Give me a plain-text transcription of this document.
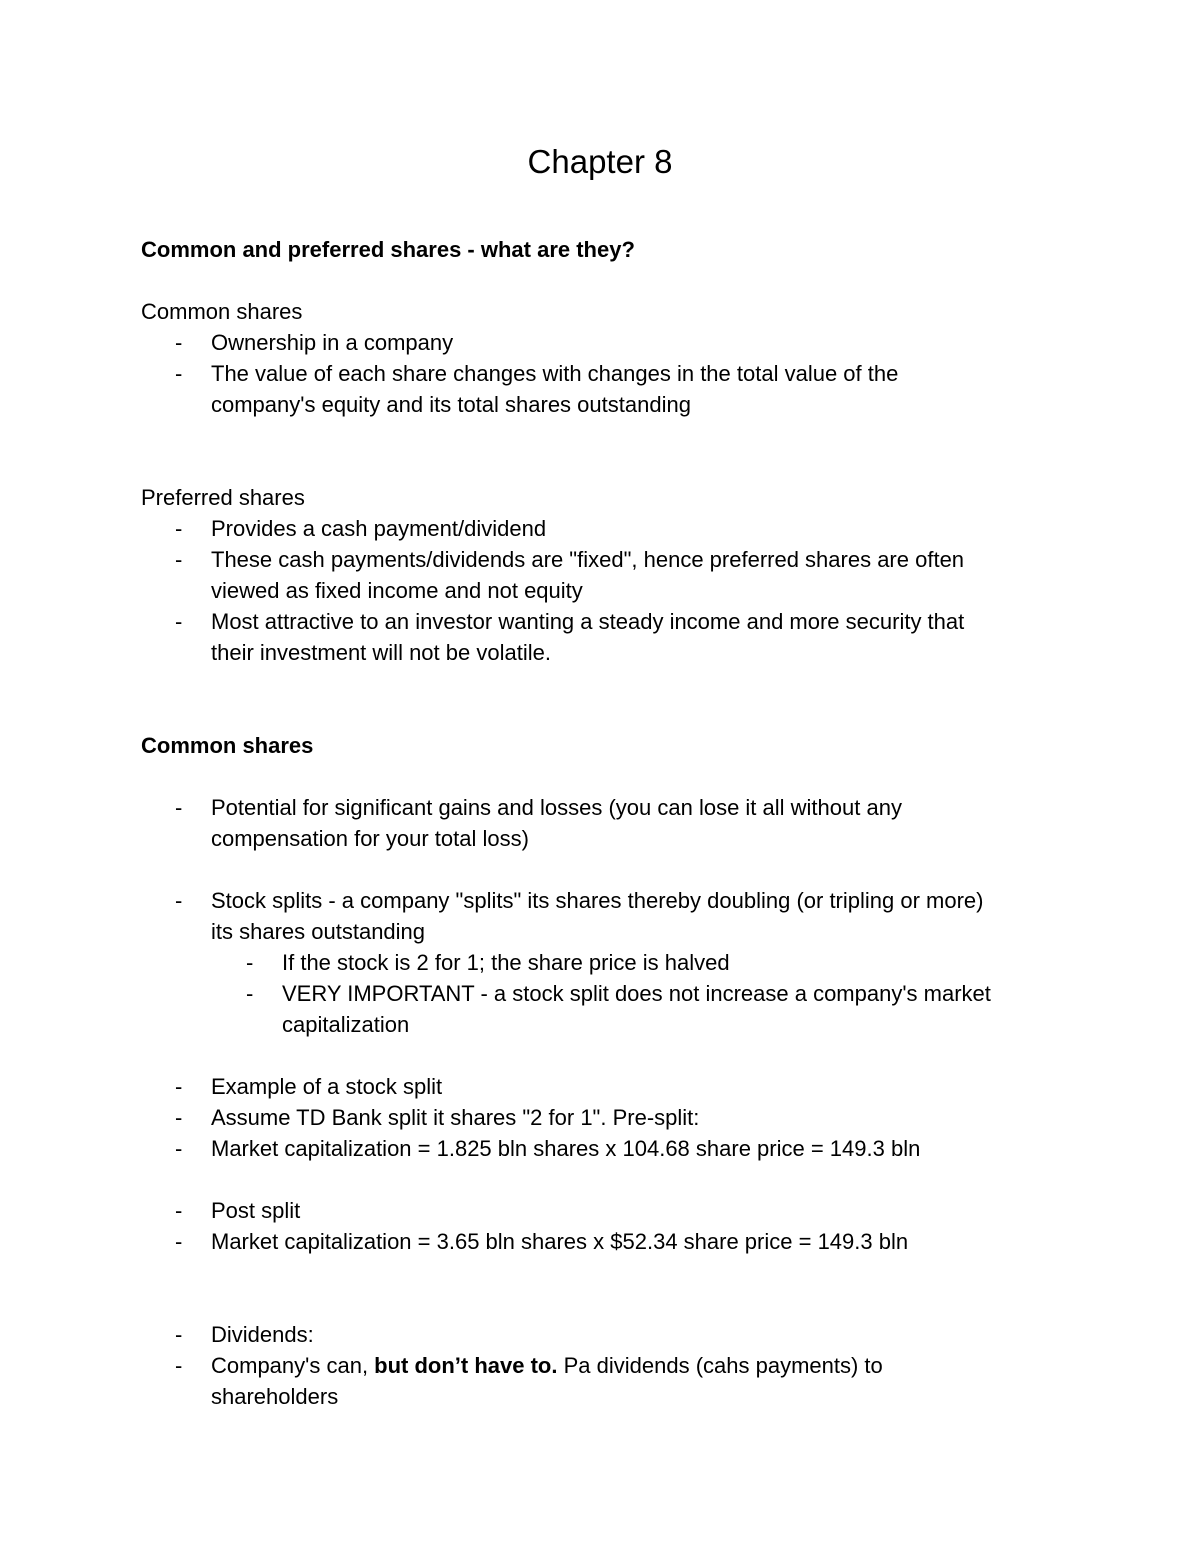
Chapter 8
Common and preferred shares - what are they?
Common shares
- Ownership in a company
- The value of each share changes with changes in the total value of the
company's equity and its total shares outstanding
Preferred shares
- Provides a cash payment/dividend
- These cash payments/dividends are "fixed", hence preferred shares are often
viewed as fixed income and not equity
- Most attractive to an investor wanting a steady income and more security that
their investment will not be volatile.
Common shares
- Potential for significant gains and losses (you can lose it all without any
compensation for your total loss)
- Stock splits - a company "splits" its shares thereby doubling (or tripling or more)
its shares outstanding
- If the stock is 2 for 1; the share price is halved
- VERY IMPORTANT - a stock split does not increase a company's market
capitalization
- Example of a stock split
- Assume TD Bank split it shares "2 for 1". Pre-split:
- Market capitalization = 1.825 bln shares x 104.68 share price = 149.3 bln
- Post split
- Market capitalization = 3.65 bln shares x $52.34 share price = 149.3 bln
- Dividends:
- Company's can, but don’t have to. Pa dividends (cahs payments) to
shareholders
